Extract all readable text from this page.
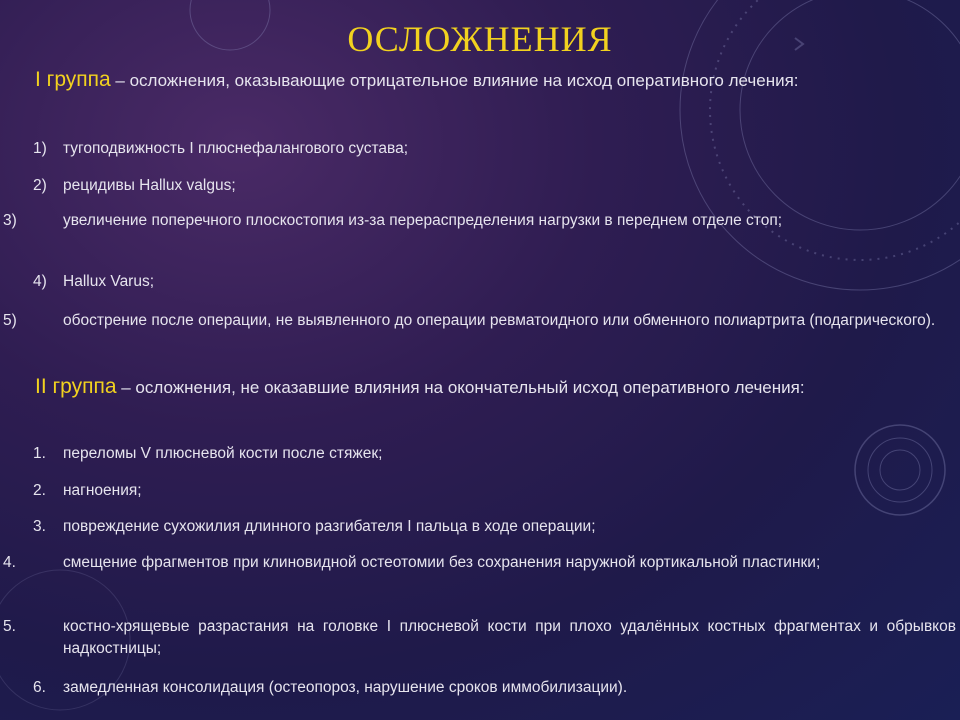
ОСЛОЖНЕНИЯ
I группа – осложнения, оказывающие отрицательное влияние на исход оперативного лечения:
1) тугоподвижность I плюснефалангового сустава;
2) рецидивы Hallux valgus;
3)	увеличение поперечного плоскостопия из-за перераспределения нагрузки в переднем отделе стоп;
4) Hallux Varus;
5)	обострение после операции, не выявленного до операции ревматоидного или обменного полиартрита (подагрического).
II группа – осложнения, не оказавшие влияния на окончательный исход оперативного лечения:
1. переломы V плюсневой кости после стяжек;
2. нагноения;
3. повреждение сухожилия длинного разгибателя I пальца в ходе операции;
4.	смещение фрагментов при клиновидной остеотомии без сохранения наружной кортикальной пластинки;
5.	костно-хрящевые разрастания на головке I плюсневой кости при плохо удалённых костных фрагментах и обрывков надкостницы;
6. замедленная консолидация (остеопороз, нарушение сроков иммобилизации).
